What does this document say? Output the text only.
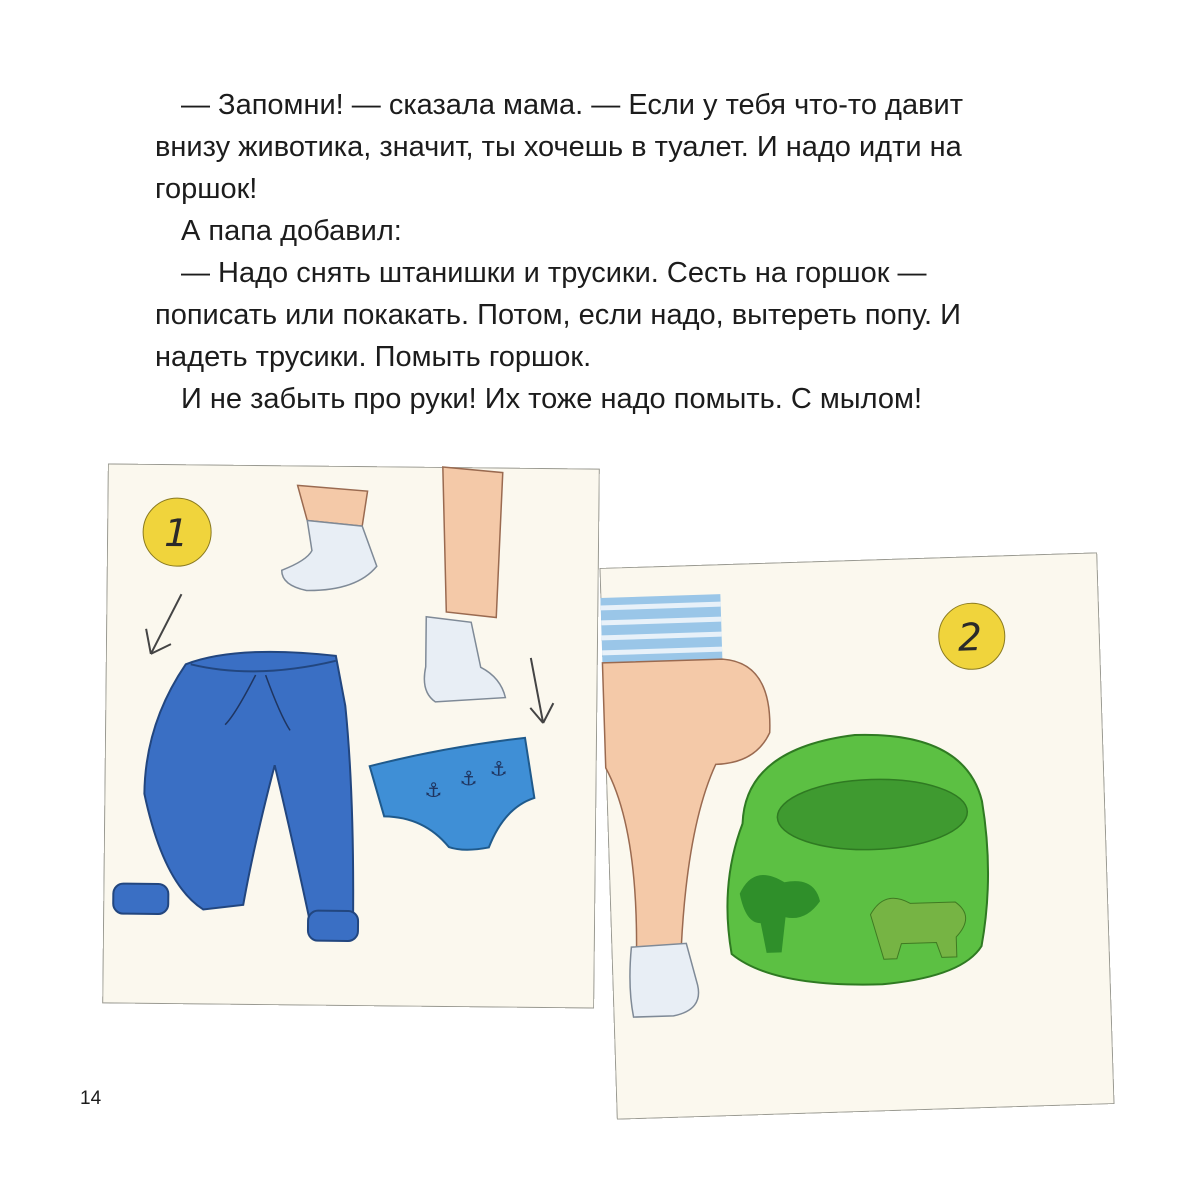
— Запомни! — сказала мама. — Если у тебя что-то давит внизу животика, значит, ты хочешь в туалет. И надо идти на горшок!

А папа добавил:

— Надо снять штанишки и трусики. Сесть на горшок — пописать или покакать. Потом, если надо, вытереть попу. И надеть трусики. Помыть горшок.

И не забыть про руки! Их тоже надо помыть. С мылом!

1
⚓
⚓ ⚓
2
14
